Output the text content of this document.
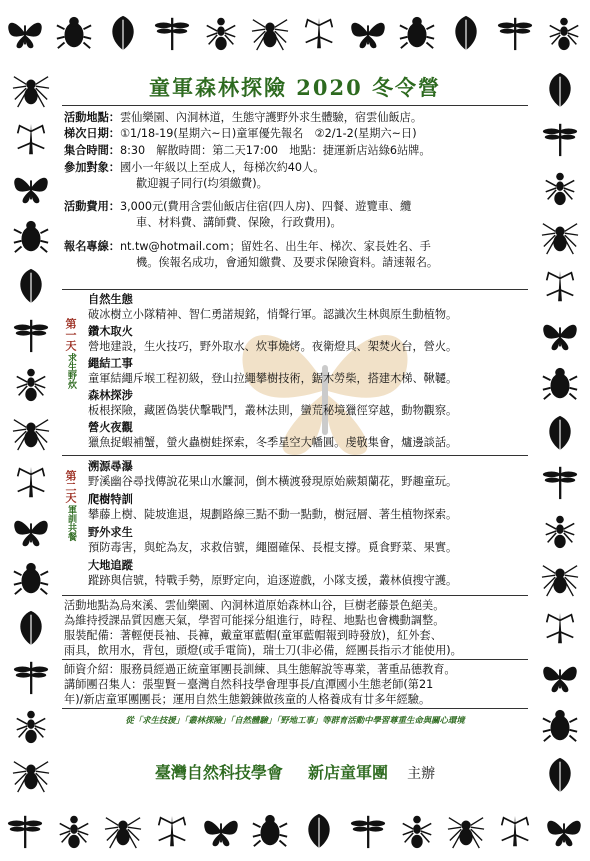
童軍森林探險 2020 冬令營
活動地點：雲仙樂園、內洞林道，生態守護野外求生體驗，宿雲仙飯店。
梯次日期：①1/18-19(星期六~日)童軍優先報名　②2/1-2(星期六~日)
集合時間：8:30　解散時間：第二天17:00　地點：捷運新店站綠6站牌。
參加對象：國小一年級以上至成人，每梯次約40人。
歡迎親子同行(均須繳費)。
活動費用：3,000元(費用含雲仙飯店住宿(四人房)、四餐、遊覽車、纜
車、材料費、講師費、保險，行政費用)。
報名專線：nt.tw@hotmail.com；留姓名、出生年、梯次、家長姓名、手
機。俟報名成功，會通知繳費、及要求保險資料。請速報名。
第一天
求生野炊
自然生態
破冰樹立小隊精神、智仁勇諾規銘，悄聲行軍。認識次生林與原生動植物。
鑽木取火
營地建設，生火技巧，野外取水、炊事燒烤。夜衛燈具、架焚火台，營火。
繩結工事
童軍結繩斥堠工程初級，登山拉繩攀樹技術，鋸木勞柴，搭建木梯、鞦韆。
森林探涉
板根探險，藏匿偽裝伏擊戰鬥，叢林法則，蠻荒秘境獵徑穿越，動物觀察。
營火夜觀
獵魚捉蝦補蟹，螢火蟲樹蛙探索，冬季星空大幡圓。虔敬集會，爐邊談話。
第二天
軍訓共餐
溯源尋瀑
野溪幽谷尋找傳說花果山水簾洞，倒木橫渡發現原始蕨類蘭花，野趣童玩。
爬樹特訓
攀藤上樹、陡坡進退，規劃路線三點不動一點動，樹冠層、著生植物探索。
野外求生
預防毒害，與蛇為友，求救信號，繩圈確保、長棍支撐。覓食野菜、果實。
大地追蹤
蹤跡與信號，特戰手勢，原野定向，追逐遊戲，小隊支援，叢林偵搜守護。
活動地點為烏來溪、雲仙樂園、內洞林道原始森林山谷，巨樹老藤景色絕美。
為維持授課品質因應天氣，學習可能採分組進行，時程、地點也會機動調整。
服裝配備：著輕便長袖、長褲，戴童軍藍帽(童軍藍帽報到時發放)，紅外套、
雨具，飲用水，背包，頭燈(或手電筒)，瑞士刀(非必備，經團長指示才能使用)。
師資介紹：服務員經過正統童軍團長訓練、具生態解說等專業，著重品德教育。
講師團召集人：張聖賢－臺灣自然科技學會理事長/直潭國小生態老師(第21
年)/新店童軍團團長；運用自然生態鍛鍊做孩童的人格養成有廿多年經驗。
從「求生技援」「叢林探險」「自然體驗」「野地工事」等群育活動中學習尊重生命與關心環境
臺灣自然科技學會 新店童軍團 主辦
